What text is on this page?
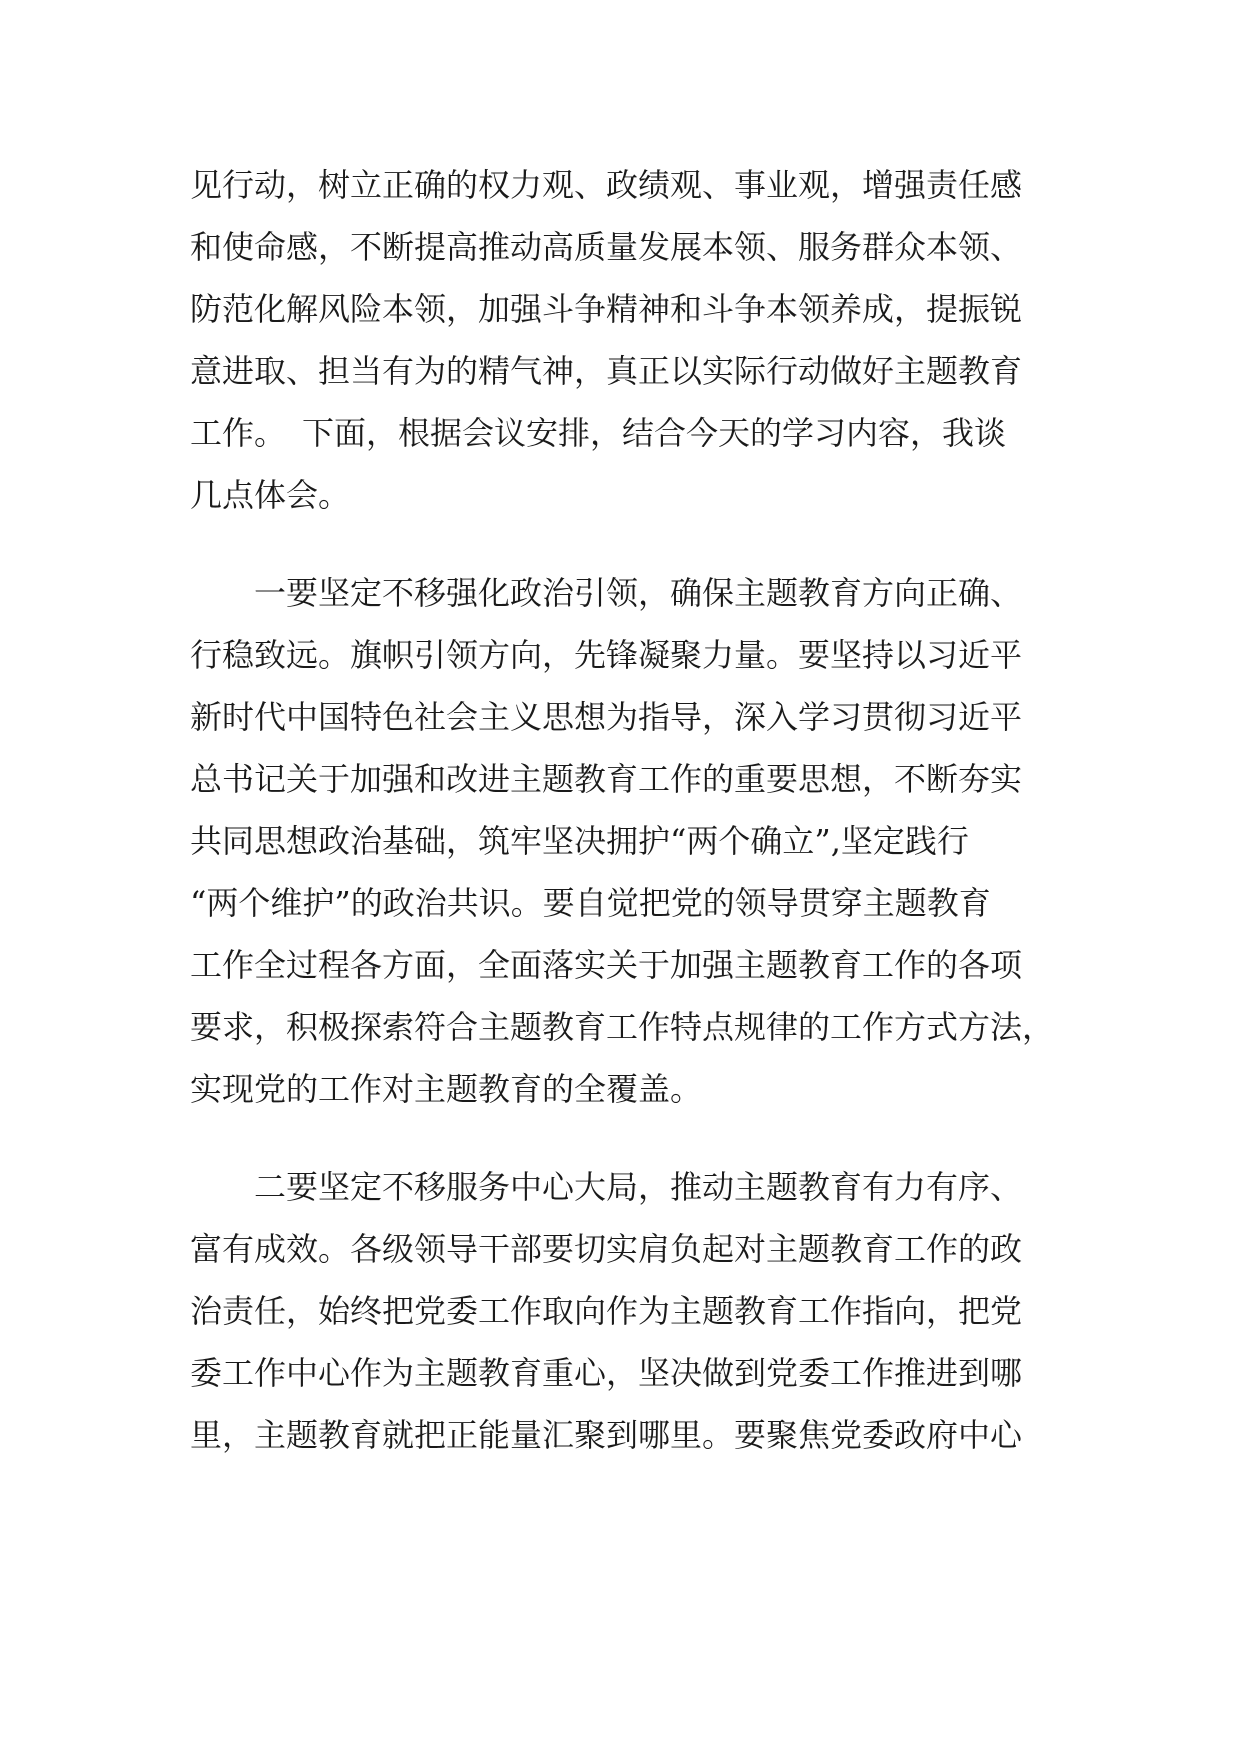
见行动，树立正确的权力观、政绩观、事业观，增强责任感
和使命感，不断提高推动高质量发展本领、服务群众本领、
防范化解风险本领，加强斗争精神和斗争本领养成，提振锐
意进取、担当有为的精气神，真正以实际行动做好主题教育
工作。　下面，根据会议安排，结合今天的学习内容，我谈
几点体会。
一要坚定不移强化政治引领，确保主题教育方向正确、
行稳致远。旗帜引领方向，先锋凝聚力量。要坚持以习近平
新时代中国特色社会主义思想为指导，深入学习贯彻习近平
总书记关于加强和改进主题教育工作的重要思想，不断夯实
共同思想政治基础，筑牢坚决拥护“两个确立”,坚定践行
“两个维护”的政治共识。要自觉把党的领导贯穿主题教育
工作全过程各方面，全面落实关于加强主题教育工作的各项
要求，积极探索符合主题教育工作特点规律的工作方式方法，
实现党的工作对主题教育的全覆盖。
二要坚定不移服务中心大局，推动主题教育有力有序、
富有成效。各级领导干部要切实肩负起对主题教育工作的政
治责任，始终把党委工作取向作为主题教育工作指向，把党
委工作中心作为主题教育重心，坚决做到党委工作推进到哪
里，主题教育就把正能量汇聚到哪里。要聚焦党委政府中心
